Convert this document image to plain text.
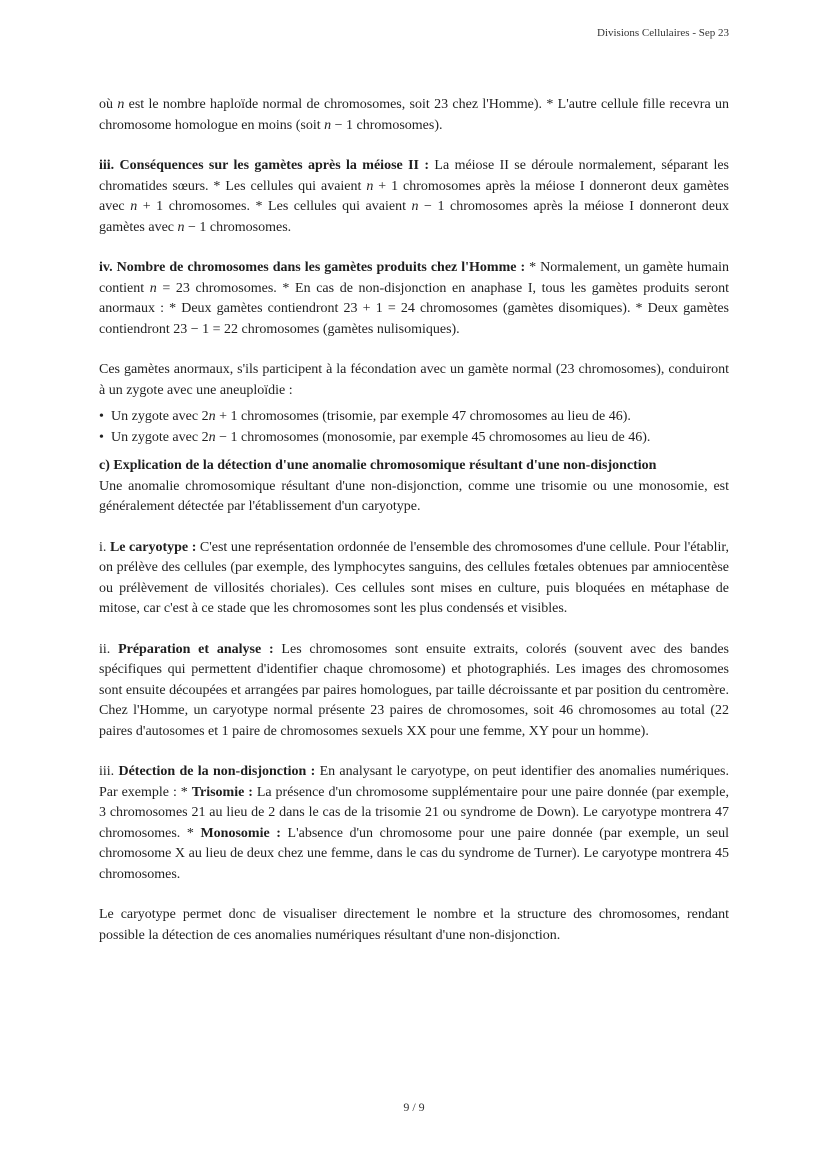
Divisions Cellulaires - Sep 23

où n est le nombre haploïde normal de chromosomes, soit 23 chez l'Homme). * L'autre cellule fille recevra un chromosome homologue en moins (soit n − 1 chromosomes).

iii. Conséquences sur les gamètes après la méiose II : La méiose II se déroule normalement, séparant les chromatides sœurs. * Les cellules qui avaient n + 1 chromosomes après la méiose I donneront deux gamètes avec n + 1 chromosomes. * Les cellules qui avaient n − 1 chromosomes après la méiose I donneront deux gamètes avec n − 1 chromosomes.

iv. Nombre de chromosomes dans les gamètes produits chez l'Homme : * Normalement, un gamète humain contient n = 23 chromosomes. * En cas de non-disjonction en anaphase I, tous les gamètes produits seront anormaux : * Deux gamètes contiendront 23 + 1 = 24 chromosomes (gamètes disomiques). * Deux gamètes contiendront 23 − 1 = 22 chromosomes (gamètes nulisomiques).

Ces gamètes anormaux, s'ils participent à la fécondation avec un gamète normal (23 chromosomes), conduiront à un zygote avec une aneuploïdie :

• Un zygote avec 2n + 1 chromosomes (trisomie, par exemple 47 chromosomes au lieu de 46).
• Un zygote avec 2n − 1 chromosomes (monosomie, par exemple 45 chromosomes au lieu de 46).

c) Explication de la détection d'une anomalie chromosomique résultant d'une non-disjonction

Une anomalie chromosomique résultant d'une non-disjonction, comme une trisomie ou une monosomie, est généralement détectée par l'établissement d'un caryotype.

i. Le caryotype : C'est une représentation ordonnée de l'ensemble des chromosomes d'une cellule. Pour l'établir, on prélève des cellules (par exemple, des lymphocytes sanguins, des cellules fœtales obtenues par amniocentèse ou prélèvement de villosités choriales). Ces cellules sont mises en culture, puis bloquées en métaphase de mitose, car c'est à ce stade que les chromosomes sont les plus condensés et visibles.

ii. Préparation et analyse : Les chromosomes sont ensuite extraits, colorés (souvent avec des bandes spécifiques qui permettent d'identifier chaque chromosome) et photographiés. Les images des chromosomes sont ensuite découpées et arrangées par paires homologues, par taille décroissante et par position du centromère. Chez l'Homme, un caryotype normal présente 23 paires de chromosomes, soit 46 chromosomes au total (22 paires d'autosomes et 1 paire de chromosomes sexuels XX pour une femme, XY pour un homme).

iii. Détection de la non-disjonction : En analysant le caryotype, on peut identifier des anomalies numériques. Par exemple : * Trisomie : La présence d'un chromosome supplémentaire pour une paire donnée (par exemple, 3 chromosomes 21 au lieu de 2 dans le cas de la trisomie 21 ou syndrome de Down). Le caryotype montrera 47 chromosomes. * Monosomie : L'absence d'un chromosome pour une paire donnée (par exemple, un seul chromosome X au lieu de deux chez une femme, dans le cas du syndrome de Turner). Le caryotype montrera 45 chromosomes.

Le caryotype permet donc de visualiser directement le nombre et la structure des chromosomes, rendant possible la détection de ces anomalies numériques résultant d'une non-disjonction.

9 / 9
